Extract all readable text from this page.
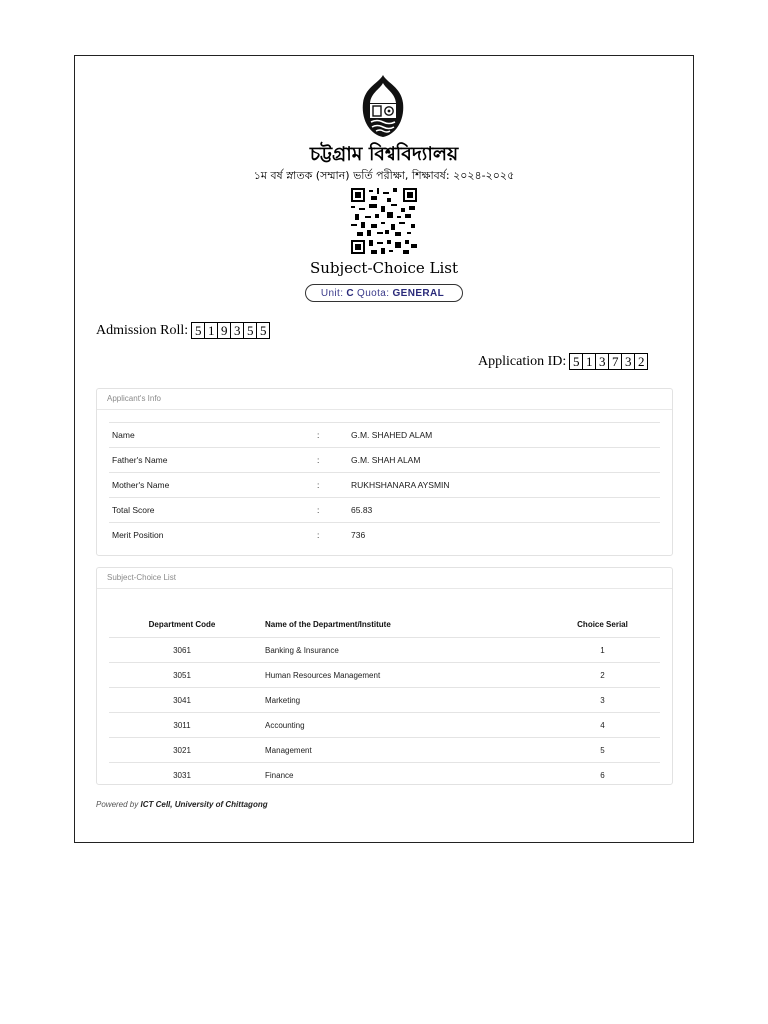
চট্টগ্রাম বিশ্ববিদ্যালয়
১ম বর্ষ স্নাতক (সম্মান) ভর্তি পরীক্ষা, শিক্ষাবর্ষ: ২০২৪-২০২৫
Subject-Choice List
Unit: C Quota: GENERAL
Admission Roll: 5 1 9 3 5 5
Application ID: 5 1 3 7 3 2
Applicant's Info
Name	:	G.M. SHAHED ALAM
Father's Name	:	G.M. SHAH ALAM
Mother's Name	:	RUKHSHANARA AYSMIN
Total Score	:	65.83
Merit Position	:	736
Subject-Choice List
Department Code	Name of the Department/Institute	Choice Serial
3061	Banking & Insurance	1
3051	Human Resources Management	2
3041	Marketing	3
3011	Accounting	4
3021	Management	5
3031	Finance	6
Powered by ICT Cell, University of Chittagong
